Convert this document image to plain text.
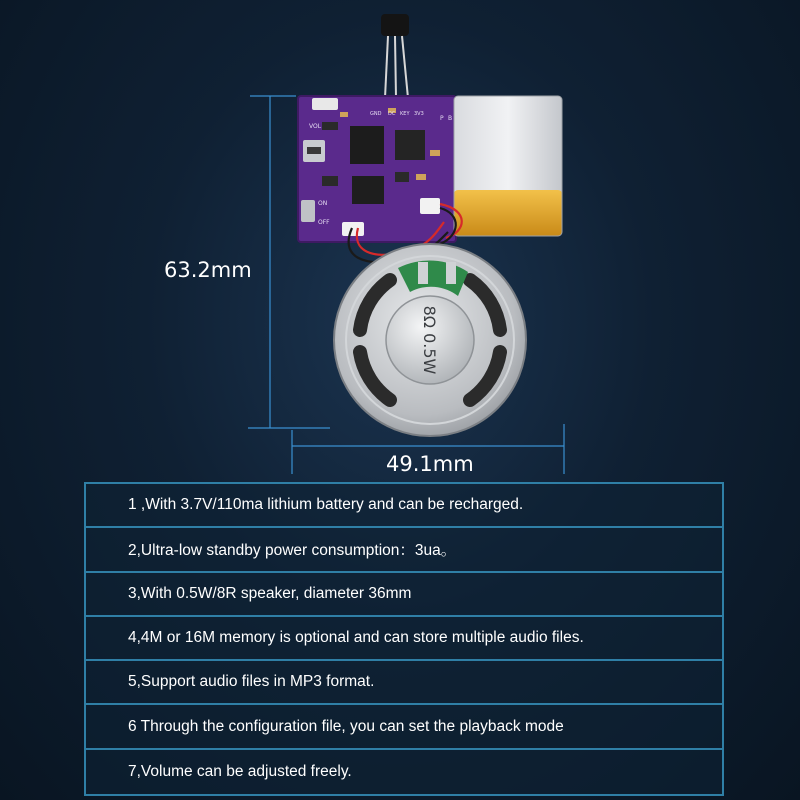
VOL
ON
OFF
GND DC KEY 3V3
P B
8Ω 0.5W
63.2mm
49.1mm
1 ,With 3.7V/110ma lithium battery and can be recharged.
2,Ultra-low standby power consumption：3ua。
3,With 0.5W/8R speaker, diameter 36mm
4,4M or 16M memory is optional and can store multiple audio files.
5,Support audio files in MP3 format.
6 Through the configuration file, you can set the playback mode
7,Volume can be adjusted freely.
